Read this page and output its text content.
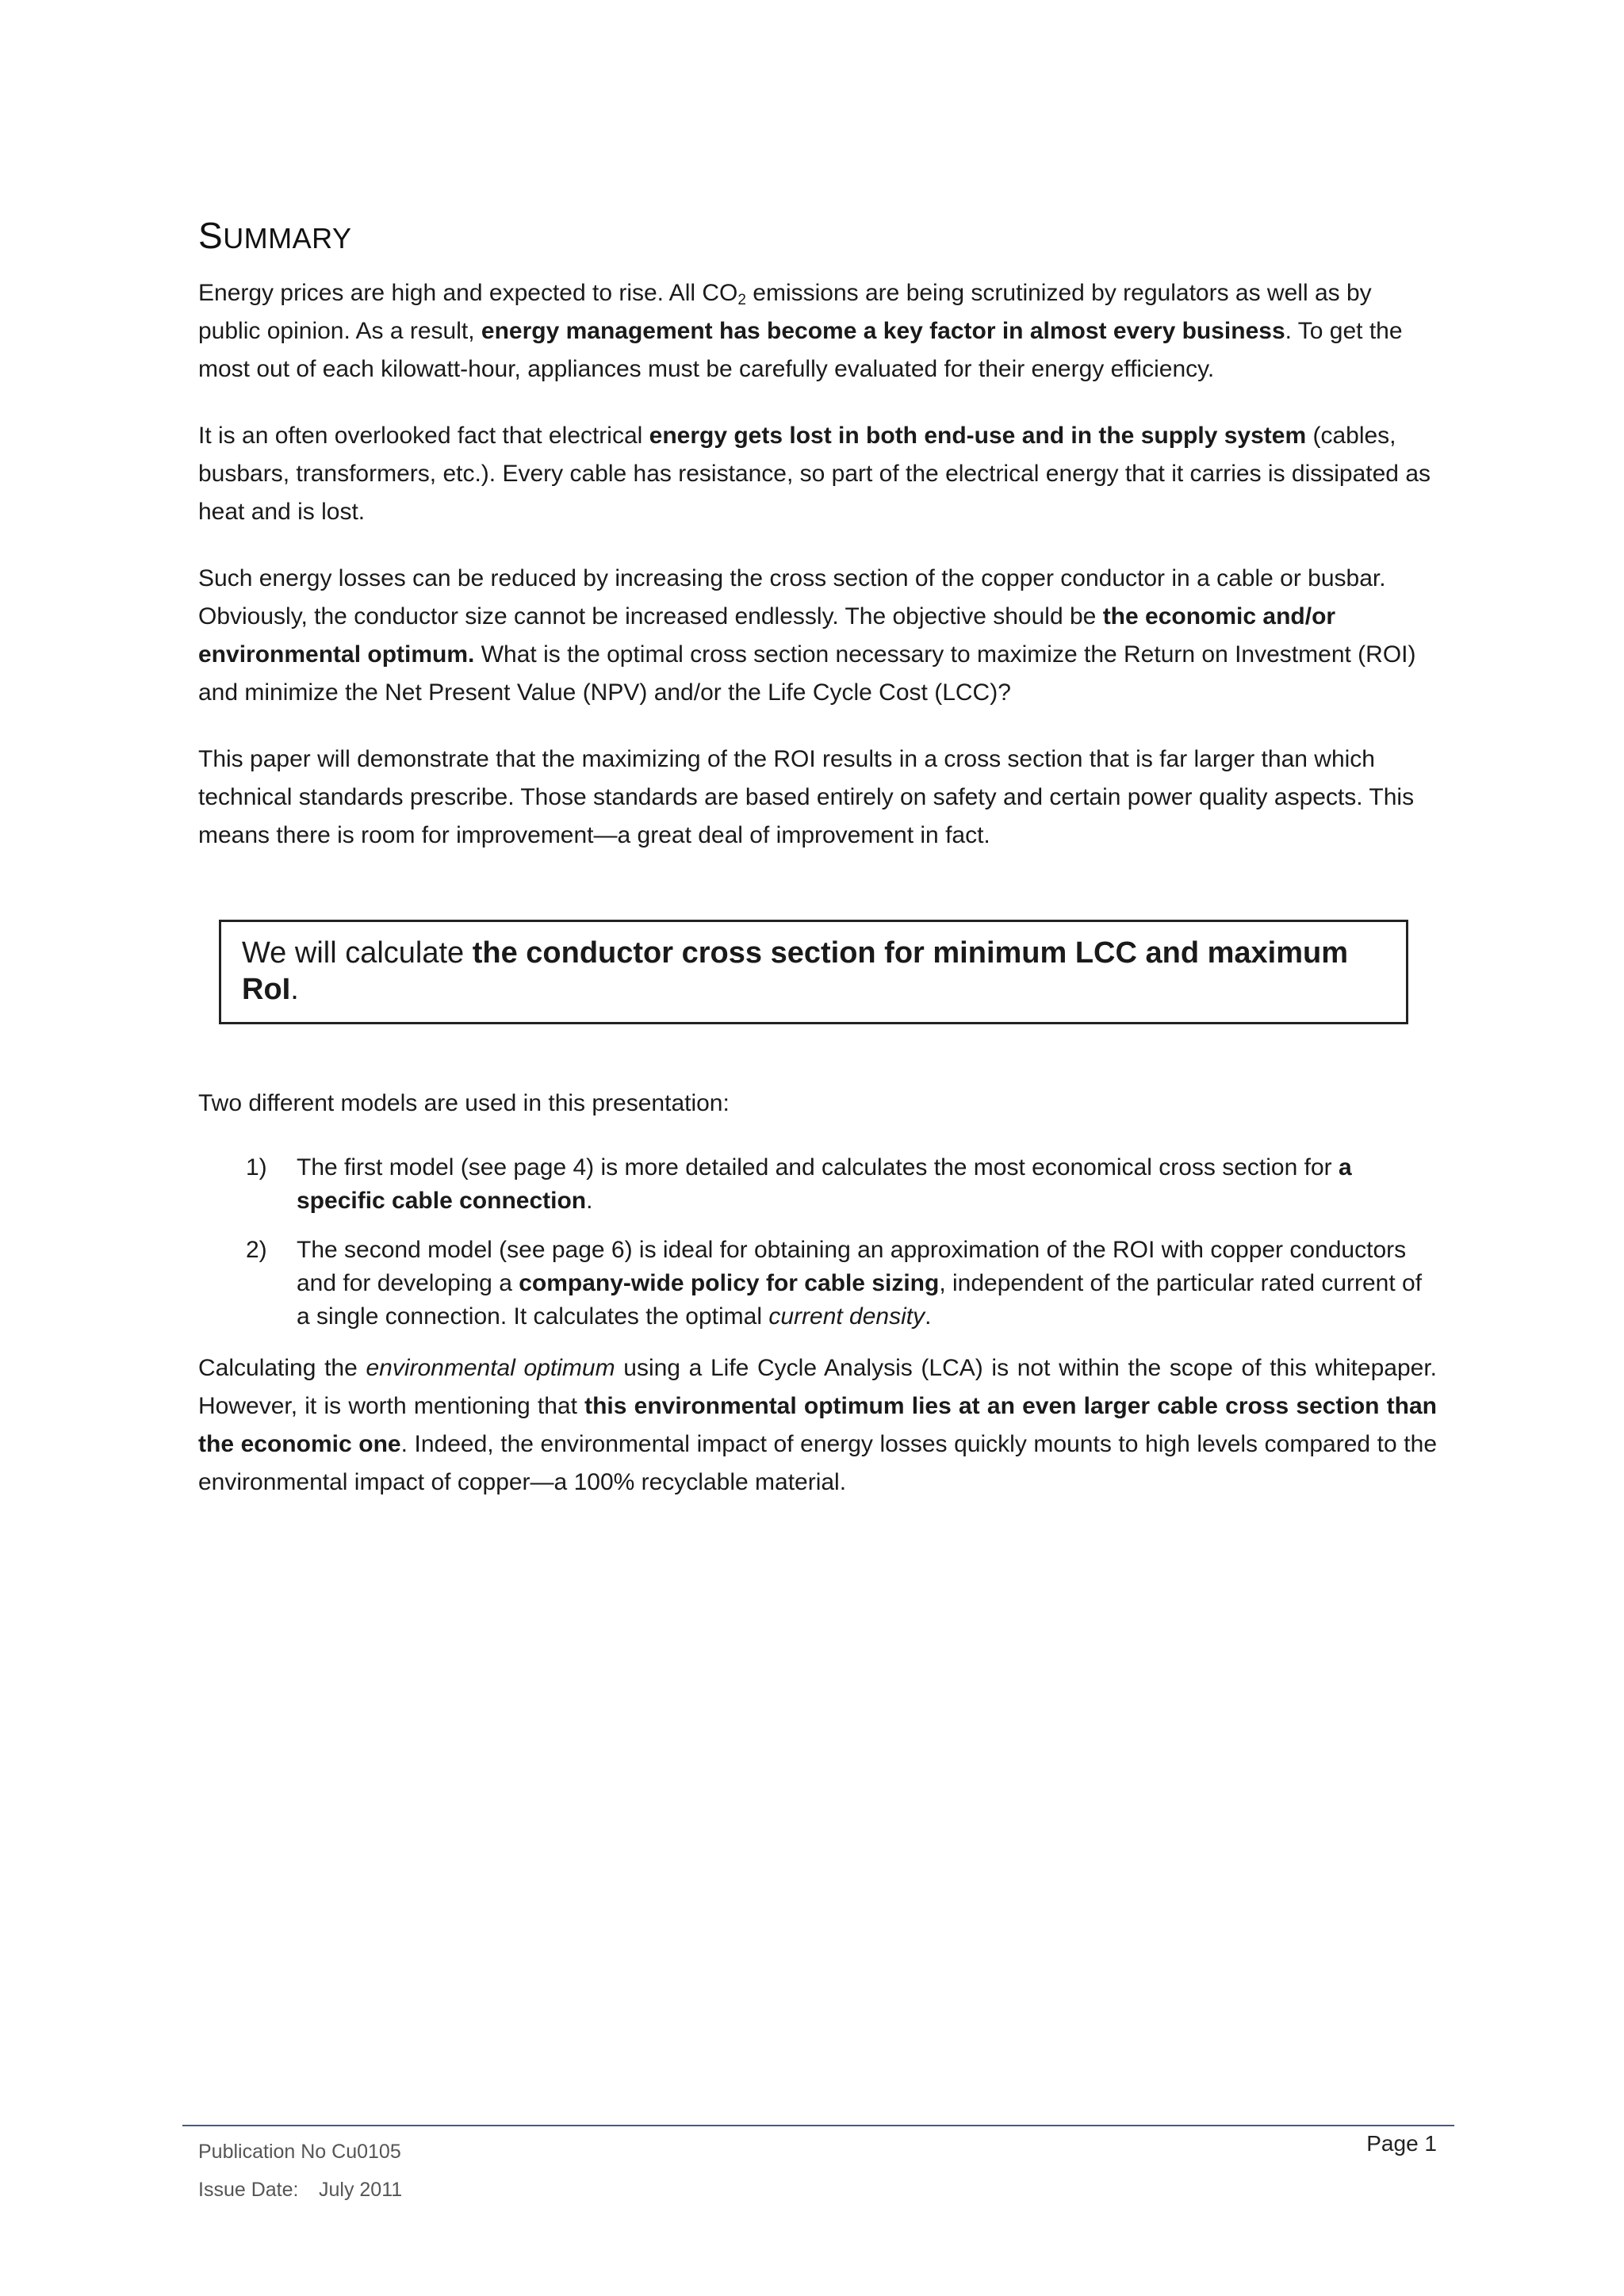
SUMMARY

Energy prices are high and expected to rise. All $CO_2$ emissions are being scrutinized by regulators as well as by public opinion. As a result, energy management has become a key factor in almost every business. To get the most out of each kilowatt-hour, appliances must be carefully evaluated for their energy efficiency.

It is an often overlooked fact that electrical energy gets lost in both end-use and in the supply system (cables, busbars, transformers, etc.). Every cable has resistance, so part of the electrical energy that it carries is dissipated as heat and is lost.

Such energy losses can be reduced by increasing the cross section of the copper conductor in a cable or busbar. Obviously, the conductor size cannot be increased endlessly. The objective should be the economic and/or environmental optimum. What is the optimal cross section necessary to maximize the Return on Investment (ROI) and minimize the Net Present Value (NPV) and/or the Life Cycle Cost (LCC)?

This paper will demonstrate that the maximizing of the ROI results in a cross section that is far larger than which technical standards prescribe. Those standards are based entirely on safety and certain power quality aspects. This means there is room for improvement—a great deal of improvement in fact.

We will calculate the conductor cross section for minimum LCC and maximum RoI.

Two different models are used in this presentation:

1) The first model (see page 4) is more detailed and calculates the most economical cross section for a specific cable connection.
2) The second model (see page 6) is ideal for obtaining an approximation of the ROI with copper conductors and for developing a company-wide policy for cable sizing, independent of the particular rated current of a single connection. It calculates the optimal current density.

Calculating the environmental optimum using a Life Cycle Analysis (LCA) is not within the scope of this whitepaper. However, it is worth mentioning that this environmental optimum lies at an even larger cable cross section than the economic one. Indeed, the environmental impact of energy losses quickly mounts to high levels compared to the environmental impact of copper—a 100% recyclable material.

Publication No Cu0105
Issue Date: July 2011
Page 1
